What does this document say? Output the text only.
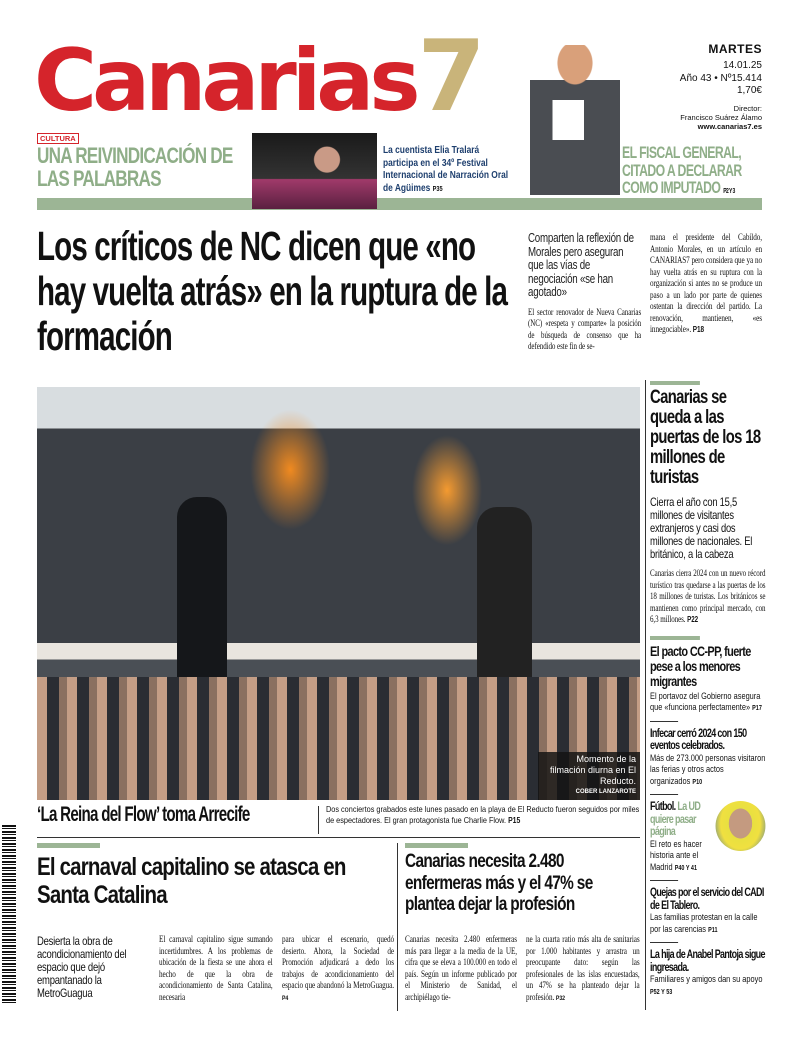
Canarias7	MARTES
14.01.25
Año 43 • Nº15.414
1,70€
Director:
Francisco Suárez Álamo
www.canarias7.es
CULTURA
UNA REIVINDICACIÓN DE LAS PALABRAS
La cuentista Elia Tralará participa en el 34º Festival Internacional de Narración Oral de Agüimes P35
EL FISCAL GENERAL, CITADO A DECLARAR COMO IMPUTADO P2 Y 3
Los críticos de NC dicen que «no hay vuelta atrás» en la ruptura de la formación
Comparten la reflexión de Morales pero aseguran que las vías de negociación «se han agotado»
El sector renovador de Nueva Canarias (NC) «respeta y comparte» la posición de búsqueda de consenso que ha defendido este fin de se-
mana el presidente del Cabildo, Antonio Morales, en un artículo en CANARIAS7 pero considera que ya no hay vuelta atrás en su ruptura con la organización si antes no se produce un paso a un lado por parte de quienes ostentan la dirección del partido. La renovación, mantienen, «es innegociable». P18
Momento de la filmación diurna en El Reducto.
COBER LANZAROTE
‘La Reina del Flow’ toma Arrecife	Dos conciertos grabados este lunes pasado en la playa de El Reducto fueron seguidos por miles de espectadores. El gran protagonista fue Charlie Flow. P15
Canarias se queda a las puertas de los 18 millones de turistas
Cierra el año con 15,5 millones de visitantes extranjeros y casi dos millones de nacionales. El británico, a la cabeza
Canarias cierra 2024 con un nuevo récord turístico tras quedarse a las puertas de los 18 millones de turistas. Los británicos se mantienen como principal mercado, con 6,3 millones. P22
El pacto CC-PP, fuerte pese a los menores migrantes
El portavoz del Gobierno asegura que «funciona perfectamente» P17
Infecar cerró 2024 con 150 eventos celebrados.
Más de 273.000 personas visitaron las ferias y otros actos organizados P10
Fútbol. La UD quiere pasar página
El reto es hacer historia ante el Madrid P40 Y 41
Quejas por el servicio del CADI de El Tablero.
Las familias protestan en la calle por las carencias P11
La hija de Anabel Pantoja sigue ingresada.
Familiares y amigos dan su apoyo P52 Y 53
El carnaval capitalino se atasca en Santa Catalina
Desierta la obra de acondicionamiento del espacio que dejó empantanado la MetroGuagua
El carnaval capitalino sigue sumando incertidumbres. A los problemas de ubicación de la fiesta se une ahora el hecho de que la obra de acondicionamiento de Santa Catalina, necesaria
para ubicar el escenario, quedó desierto. Ahora, la Sociedad de Promoción adjudicará a dedo los trabajos de acondicionamiento del espacio que abandonó la MetroGuagua. P4
Canarias necesita 2.480 enfermeras más y el 47% se plantea dejar la profesión
Canarias necesita 2.480 enfermeras más para llegar a la media de la UE, cifra que se eleva a 100.000 en todo el país. Según un informe publicado por el Ministerio de Sanidad, el archipiélago tie-
ne la cuarta ratio más alta de sanitarias por 1.000 habitantes y arrastra un preocupante dato: según las profesionales de las islas encuestadas, un 47% se ha planteado dejar la profesión. P32
